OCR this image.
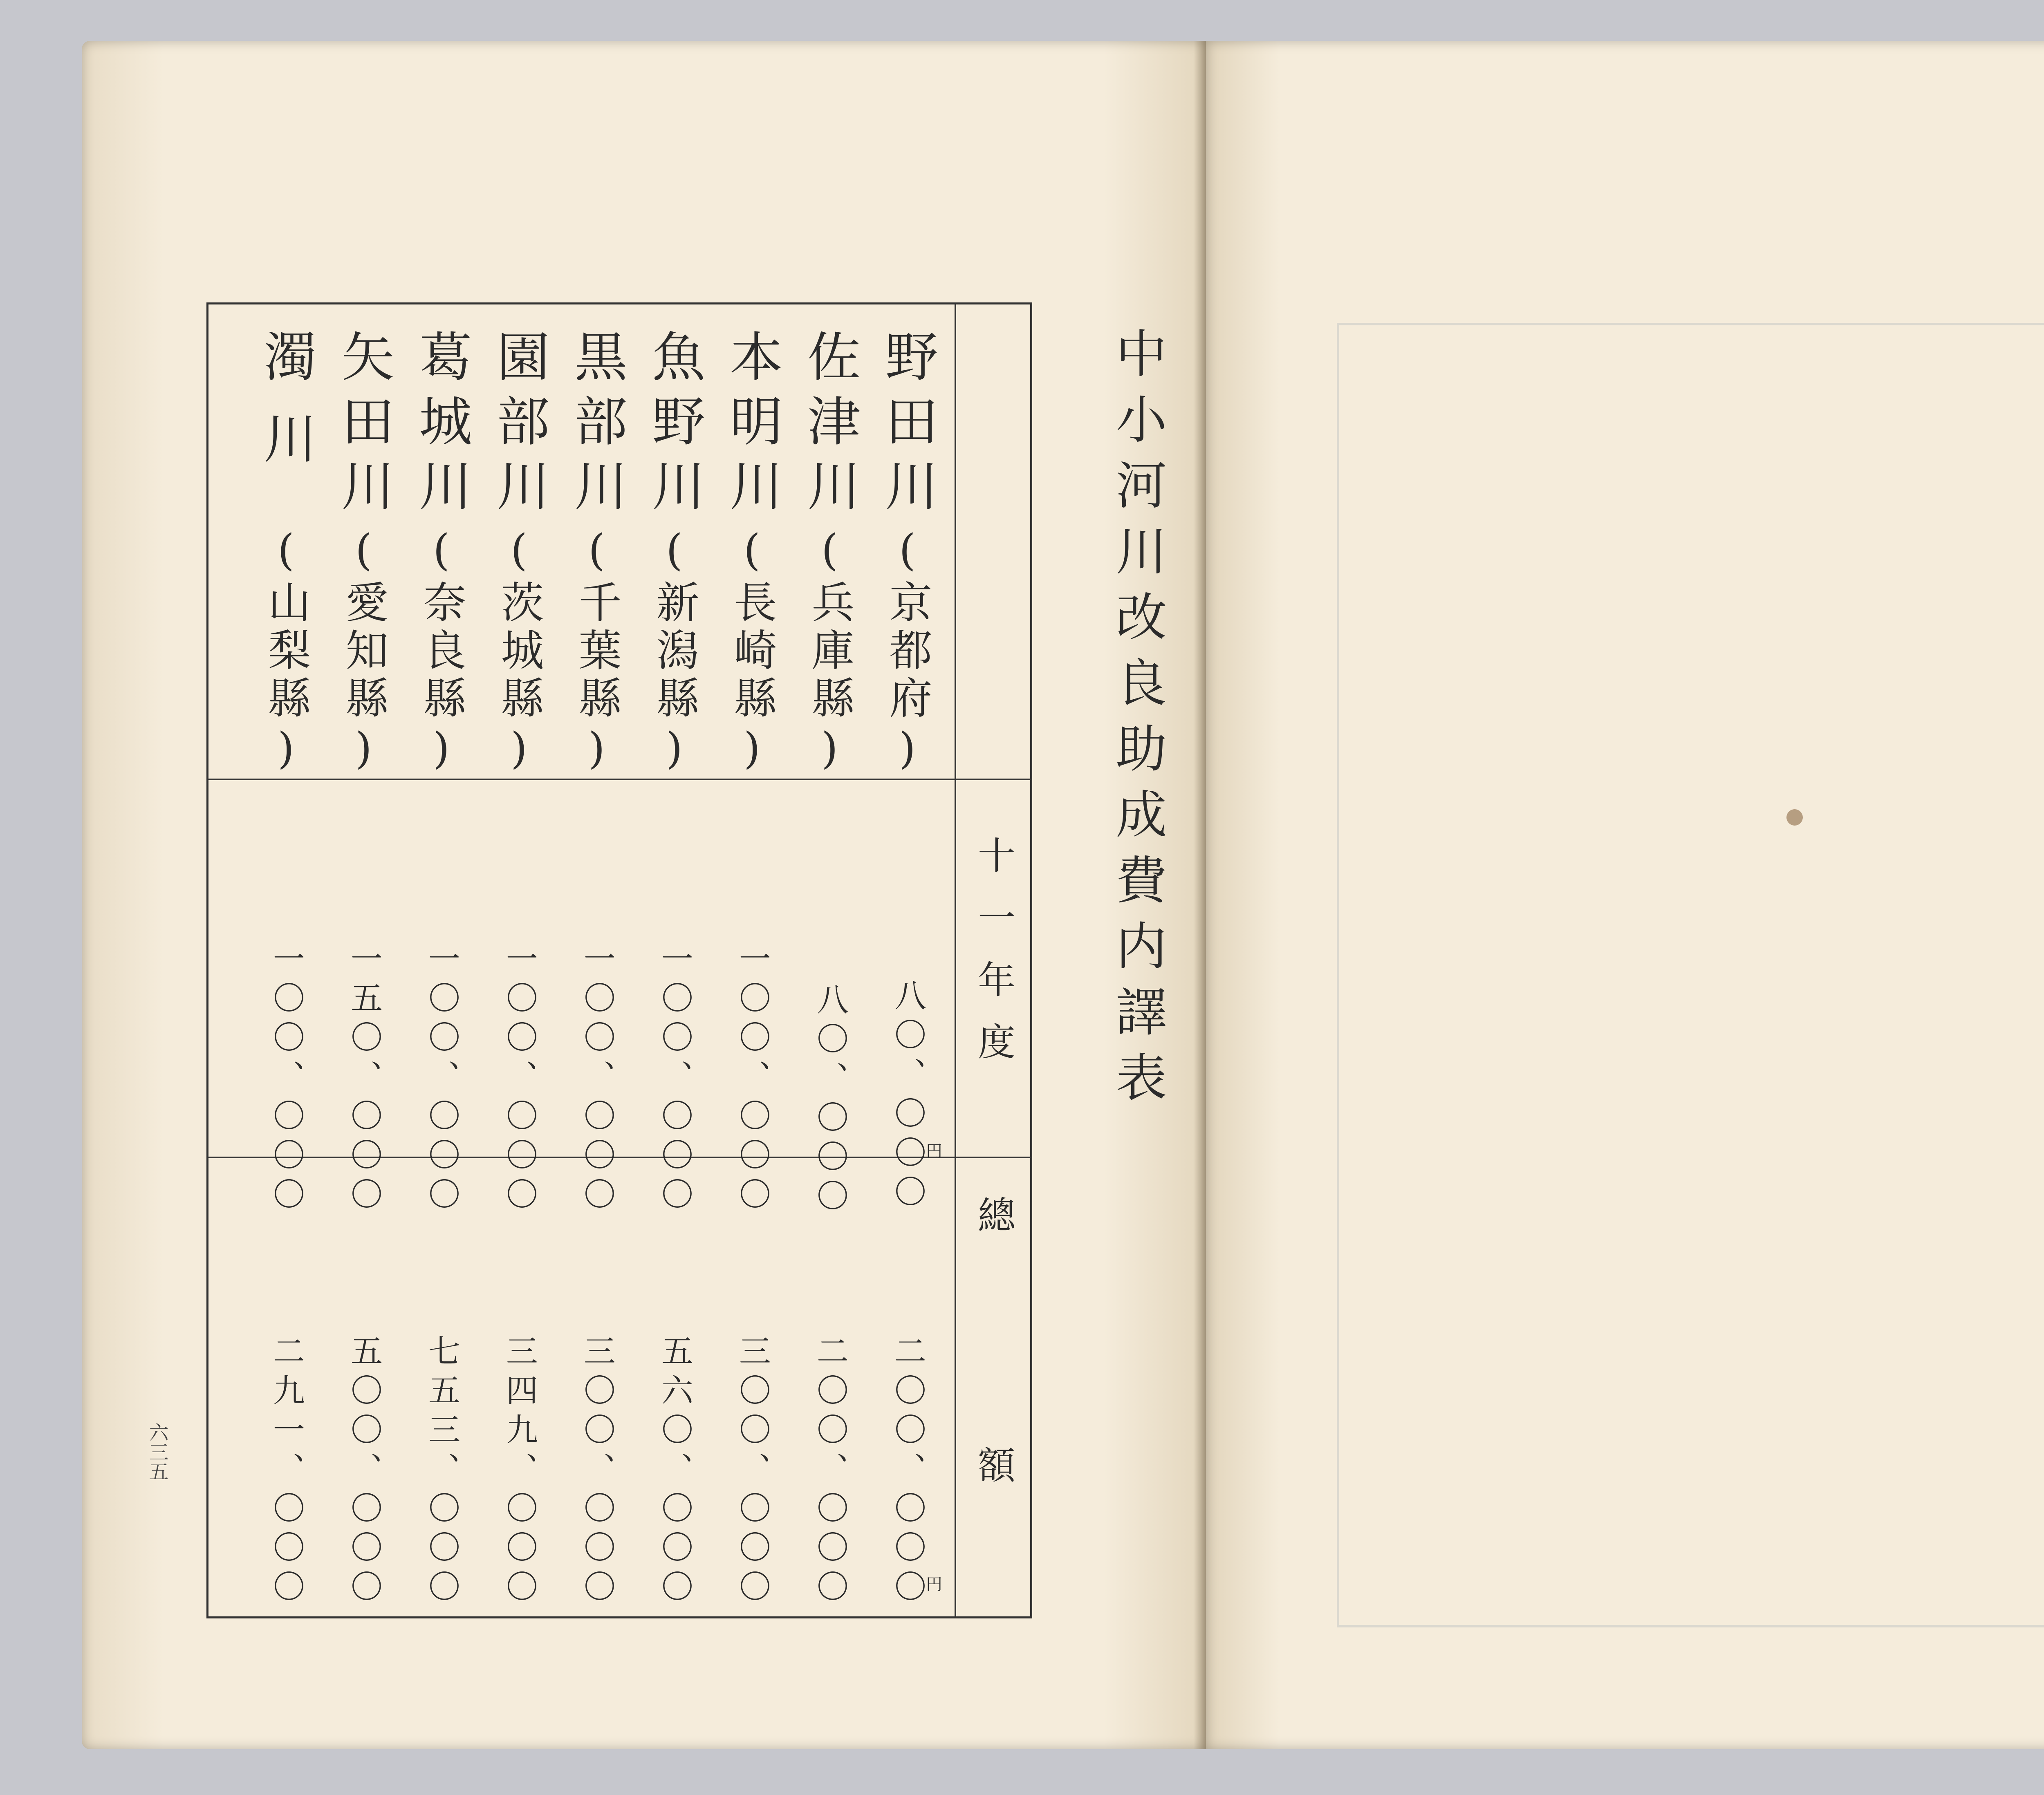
中小河川改良助成費内譯表
十一年度
總額
野田川
(京都府)
八〇、〇〇〇
二〇〇、〇〇〇
佐津川
(兵庫縣)
八〇、〇〇〇
二〇〇、〇〇〇
本明川
(長崎縣)
一〇〇、〇〇〇
三〇〇、〇〇〇
魚野川
(新潟縣)
一〇〇、〇〇〇
五六〇、〇〇〇
黒部川
(千葉縣)
一〇〇、〇〇〇
三〇〇、〇〇〇
園部川
(茨城縣)
一〇〇、〇〇〇
三四九、〇〇〇
葛城川
(奈良縣)
一〇〇、〇〇〇
七五三、〇〇〇
矢田川
(愛知縣)
一五〇、〇〇〇
五〇〇、〇〇〇
濁川
(山梨縣)
一〇〇、〇〇〇
二九一、〇〇〇
円
円
六三五
